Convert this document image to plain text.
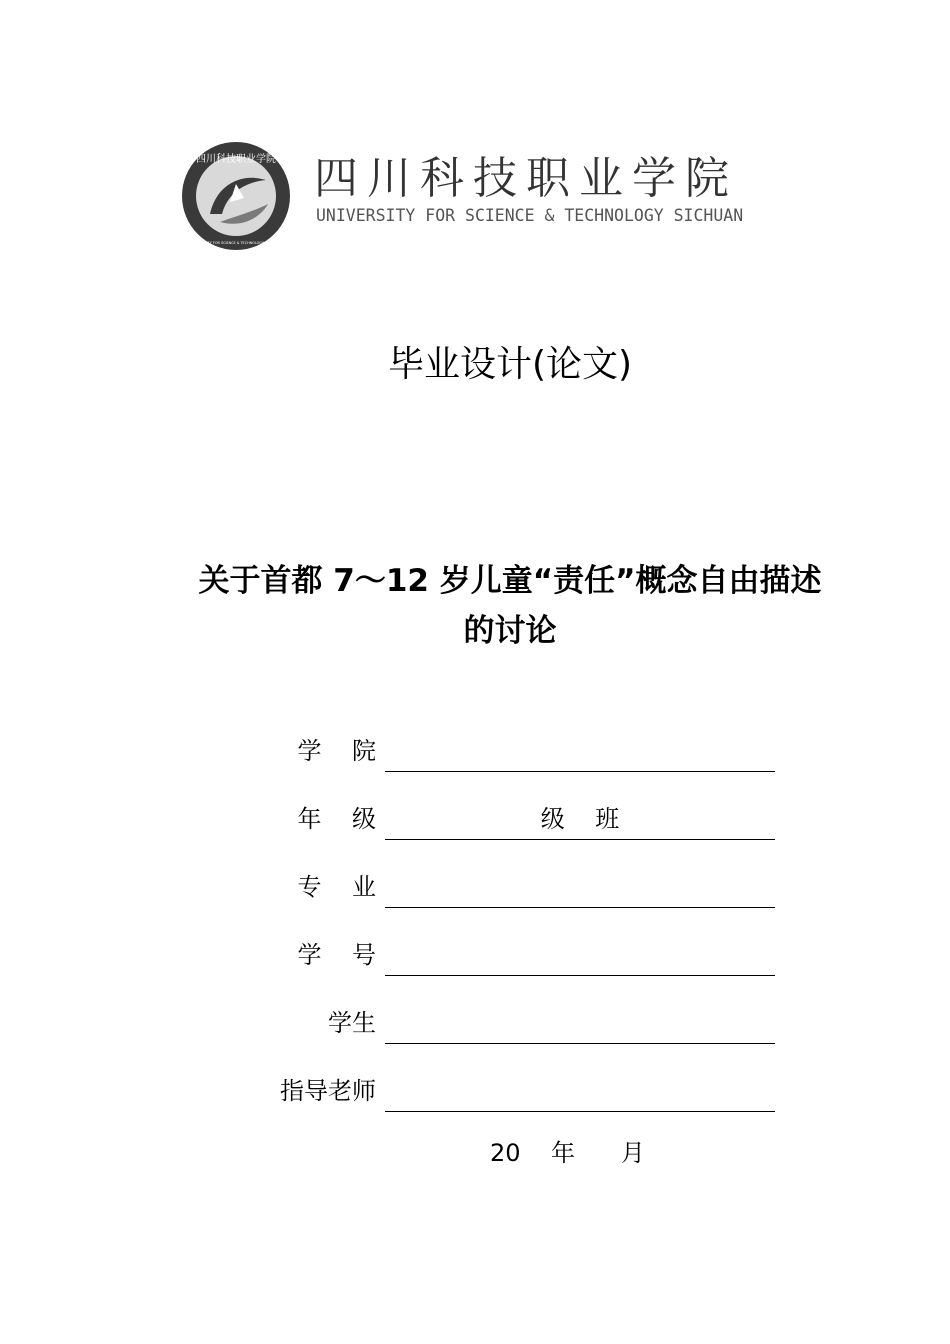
四川科技职业学院
UNIVERSITY FOR SCIENCE & TECHNOLOGY SICHUAN
四川科技职业学院
UNIVERSITY FOR SCIENCE & TECHNOLOGY SICHUAN
毕业设计(论文)
关于首都 7～12 岁儿童“责任”概念自由描述
的讨论
学    院
年    级	级    班
专    业
学    号
学生
指导老师
20    年      月
